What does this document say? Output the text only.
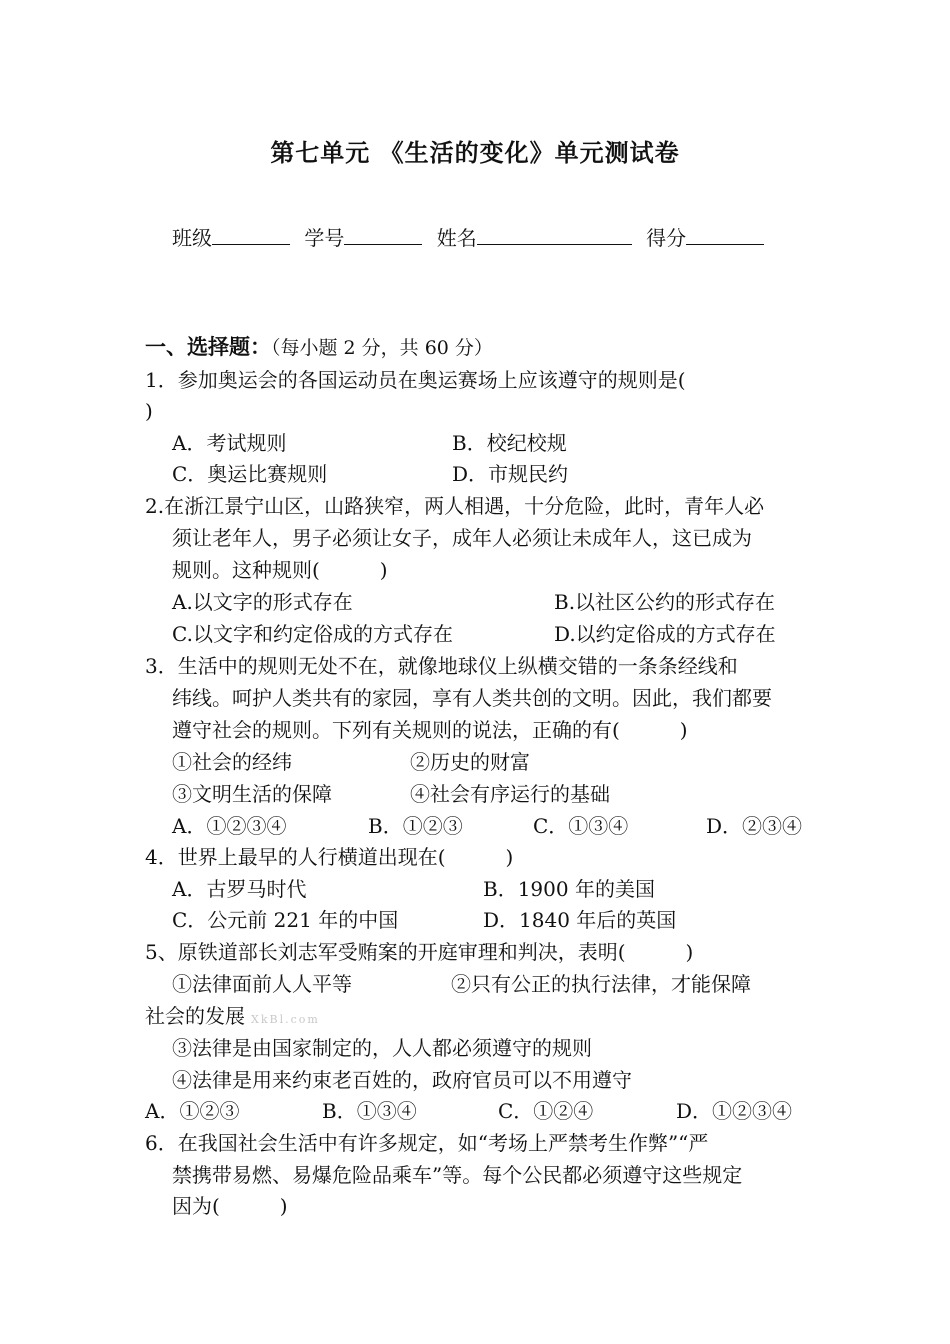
第七单元 《生活的变化》单元测试卷
班级	学号	姓名	得分
一、选择题：（每小题 2 分，共 60 分）
1．参加奥运会的各国运动员在奥运赛场上应该遵守的规则是(
)
A．考试规则	B．校纪校规
C．奥运比赛规则	D．市规民约
2.在浙江景宁山区，山路狭窄，两人相遇，十分危险，此时，青年人必
须让老年人，男子必须让女子，成年人必须让未成年人，这已成为
规则。这种规则(　　　)
A.以文字的形式存在	B.以社区公约的形式存在
C.以文字和约定俗成的方式存在	D.以约定俗成的方式存在
3．生活中的规则无处不在，就像地球仪上纵横交错的一条条经线和
纬线。呵护人类共有的家园，享有人类共创的文明。因此，我们都要
遵守社会的规则。下列有关规则的说法，正确的有(　　　)
①社会的经纬	②历史的财富
③文明生活的保障	④社会有序运行的基础
A．①②③④	B．①②③	C．①③④	D．②③④
4．世界上最早的人行横道出现在(　　　)
A．古罗马时代	B．1900 年的美国
C．公元前 221 年的中国	D．1840 年后的英国
5、原铁道部长刘志军受贿案的开庭审理和判决，表明(　　　)
①法律面前人人平等	②只有公正的执行法律，才能保障
社会的发展 XkBl.com
③法律是由国家制定的，人人都必须遵守的规则
④法律是用来约束老百姓的，政府官员可以不用遵守
A．①②③	B．①③④	C．①②④	D．①②③④
6．在我国社会生活中有许多规定，如“考场上严禁考生作弊”“严
禁携带易燃、易爆危险品乘车”等。每个公民都必须遵守这些规定
因为(　　　)
